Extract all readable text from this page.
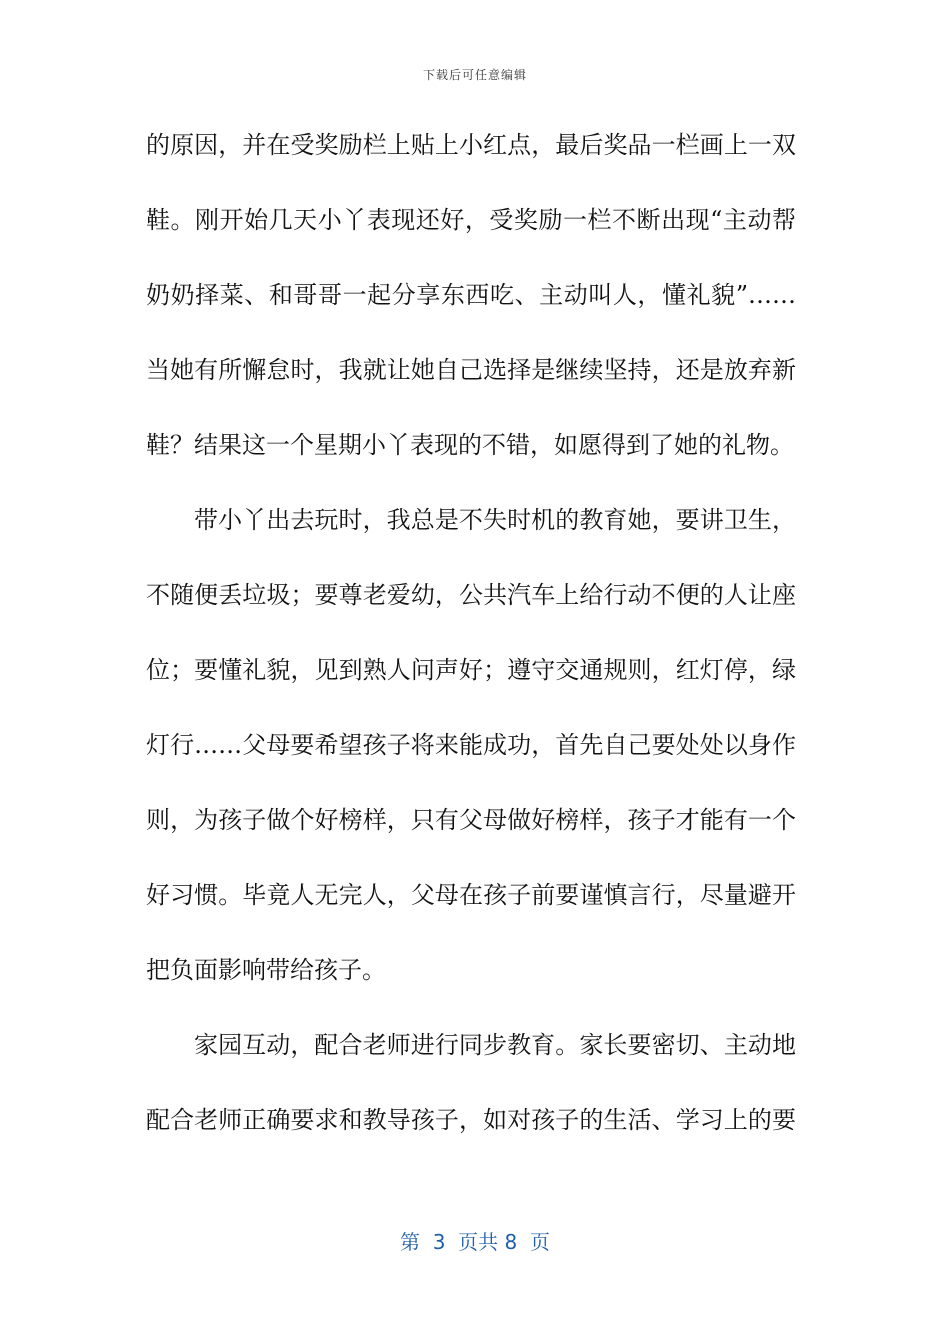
下载后可任意编辑
的原因，并在受奖励栏上贴上小红点，最后奖品一栏画上一双
鞋。刚开始几天小丫表现还好，受奖励一栏不断出现“主动帮
奶奶择菜、和哥哥一起分享东西吃、主动叫人，懂礼貌”……
当她有所懈怠时，我就让她自己选择是继续坚持，还是放弃新
鞋？结果这一个星期小丫表现的不错，如愿得到了她的礼物。
带小丫出去玩时，我总是不失时机的教育她，要讲卫生，
不随便丢垃圾；要尊老爱幼，公共汽车上给行动不便的人让座
位；要懂礼貌，见到熟人问声好；遵守交通规则，红灯停，绿
灯行……父母要希望孩子将来能成功，首先自己要处处以身作
则，为孩子做个好榜样，只有父母做好榜样，孩子才能有一个
好习惯。毕竟人无完人，父母在孩子前要谨慎言行，尽量避开
把负面影响带给孩子。
家园互动，配合老师进行同步教育。家长要密切、主动地
配合老师正确要求和教导孩子，如对孩子的生活、学习上的要
第  3  页共 8  页
